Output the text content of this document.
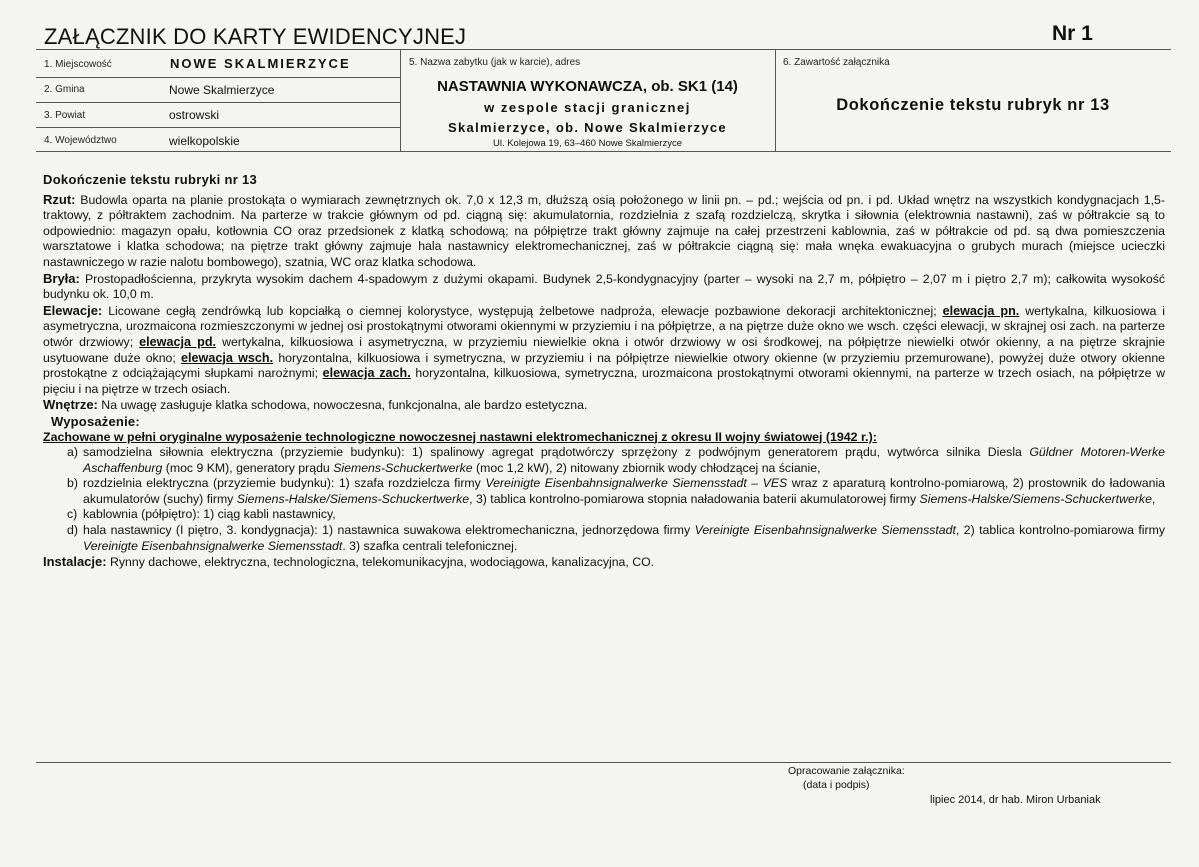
ZAŁĄCZNIK DO KARTY EWIDENCYJNEJ	Nr 1
1. Miejscowość	NOWE SKALMIERZYCE
2. Gmina	Nowe Skalmierzyce
3. Powiat	ostrowski
4. Województwo	wielkopolskie
5. Nazwa zabytku (jak w karcie), adres
NASTAWNIA WYKONAWCZA, ob. SK1 (14)
w zespole stacji granicznej
Skalmierzyce, ob. Nowe Skalmierzyce
Ul. Kolejowa 19, 63–460 Nowe Skalmierzyce
6. Zawartość załącznika
Dokończenie tekstu rubryk nr 13

Dokończenie tekstu rubryki nr 13

Rzut: Budowla oparta na planie prostokąta o wymiarach zewnętrznych ok. 7,0 x 12,3 m, dłuższą osią położonego w linii pn. – pd.; wejścia od pn. i pd. Układ wnętrz na wszystkich kondygnacjach 1,5-traktowy, z półtraktem zachodnim. Na parterze w trakcie głównym od pd. ciągną się: akumulatornia, rozdzielnia z szafą rozdzielczą, skrytka i siłownia (elektrownia nastawni), zaś w półtrakcie są to odpowiednio: magazyn opału, kotłownia CO oraz przedsionek z klatką schodową; na półpiętrze trakt główny zajmuje na całej przestrzeni kablownia, zaś w półtrakcie od pd. są dwa pomieszczenia warsztatowe i klatka schodowa; na piętrze trakt główny zajmuje hala nastawnicy elektromechanicznej, zaś w półtrakcie ciągną się: mała wnęka ewakuacyjna o grubych murach (miejsce ucieczki nastawniczego w razie nalotu bombowego), szatnia, WC oraz klatka schodowa.

Bryła: Prostopadłościenna, przykryta wysokim dachem 4-spadowym z dużymi okapami. Budynek 2,5-kondygnacyjny (parter – wysoki na 2,7 m, półpiętro – 2,07 m i piętro 2,7 m); całkowita wysokość budynku ok. 10,0 m.

Elewacje: Licowane cegłą zendrówką lub kopciałką o ciemnej kolorystyce, występują żelbetowe nadproża, elewacje pozbawione dekoracji architektonicznej; elewacja pn. wertykalna, kilkuosiowa i asymetryczna, urozmaicona rozmieszczonymi w jednej osi prostokątnymi otworami okiennymi w przyziemiu i na półpiętrze, a na piętrze duże okno we wsch. części elewacji, w skrajnej osi zach. na parterze otwór drzwiowy; elewacja pd. wertykalna, kilkuosiowa i asymetryczna, w przyziemiu niewielkie okna i otwór drzwiowy w osi środkowej, na półpiętrze niewielki otwór okienny, a na piętrze skrajnie usytuowane duże okno; elewacja wsch. horyzontalna, kilkuosiowa i symetryczna, w przyziemiu i na półpiętrze niewielkie otwory okienne (w przyziemiu przemurowane), powyżej duże otwory okienne prostokątne z odciążającymi słupkami narożnymi; elewacja zach. horyzontalna, kilkuosiowa, symetryczna, urozmaicona prostokątnymi otworami okiennymi, na parterze w trzech osiach, na półpiętrze w pięciu i na piętrze w trzech osiach.

Wnętrze: Na uwagę zasługuje klatka schodowa, nowoczesna, funkcjonalna, ale bardzo estetyczna.

Wyposażenie:

Zachowane w pełni oryginalne wyposażenie technologiczne nowoczesnej nastawni elektromechanicznej z okresu II wojny światowej (1942 r.):

a) samodzielna siłownia elektryczna (przyziemie budynku): 1) spalinowy agregat prądotwórczy sprzężony z podwójnym generatorem prądu, wytwórca silnika Diesla Güldner Motoren-Werke Aschaffenburg (moc 9 KM), generatory prądu Siemens-Schuckertwerke (moc 1,2 kW), 2) nitowany zbiornik wody chłodzącej na ścianie,
b) rozdzielnia elektryczna (przyziemie budynku): 1) szafa rozdzielcza firmy Vereinigte Eisenbahnsignalwerke Siemensstadt – VES wraz z aparaturą kontrolno-pomiarową, 2) prostownik do ładowania akumulatorów (suchy) firmy Siemens-Halske/Siemens-Schuckertwerke, 3) tablica kontrolno-pomiarowa stopnia naładowania baterii akumulatorowej firmy Siemens-Halske/Siemens-Schuckertwerke,
c) kablownia (półpiętro): 1) ciąg kabli nastawnicy,
d) hala nastawnicy (I piętro, 3. kondygnacja): 1) nastawnica suwakowa elektromechaniczna, jednorzędowa firmy Vereinigte Eisenbahnsignalwerke Siemensstadt, 2) tablica kontrolno-pomiarowa firmy Vereinigte Eisenbahnsignalwerke Siemensstadt. 3) szafka centrali telefonicznej.

Instalacje: Rynny dachowe, elektryczna, technologiczna, telekomunikacyjna, wodociągowa, kanalizacyjna, CO.

Opracowanie załącznika:
(data i podpis)
lipiec 2014, dr hab. Miron Urbaniak
